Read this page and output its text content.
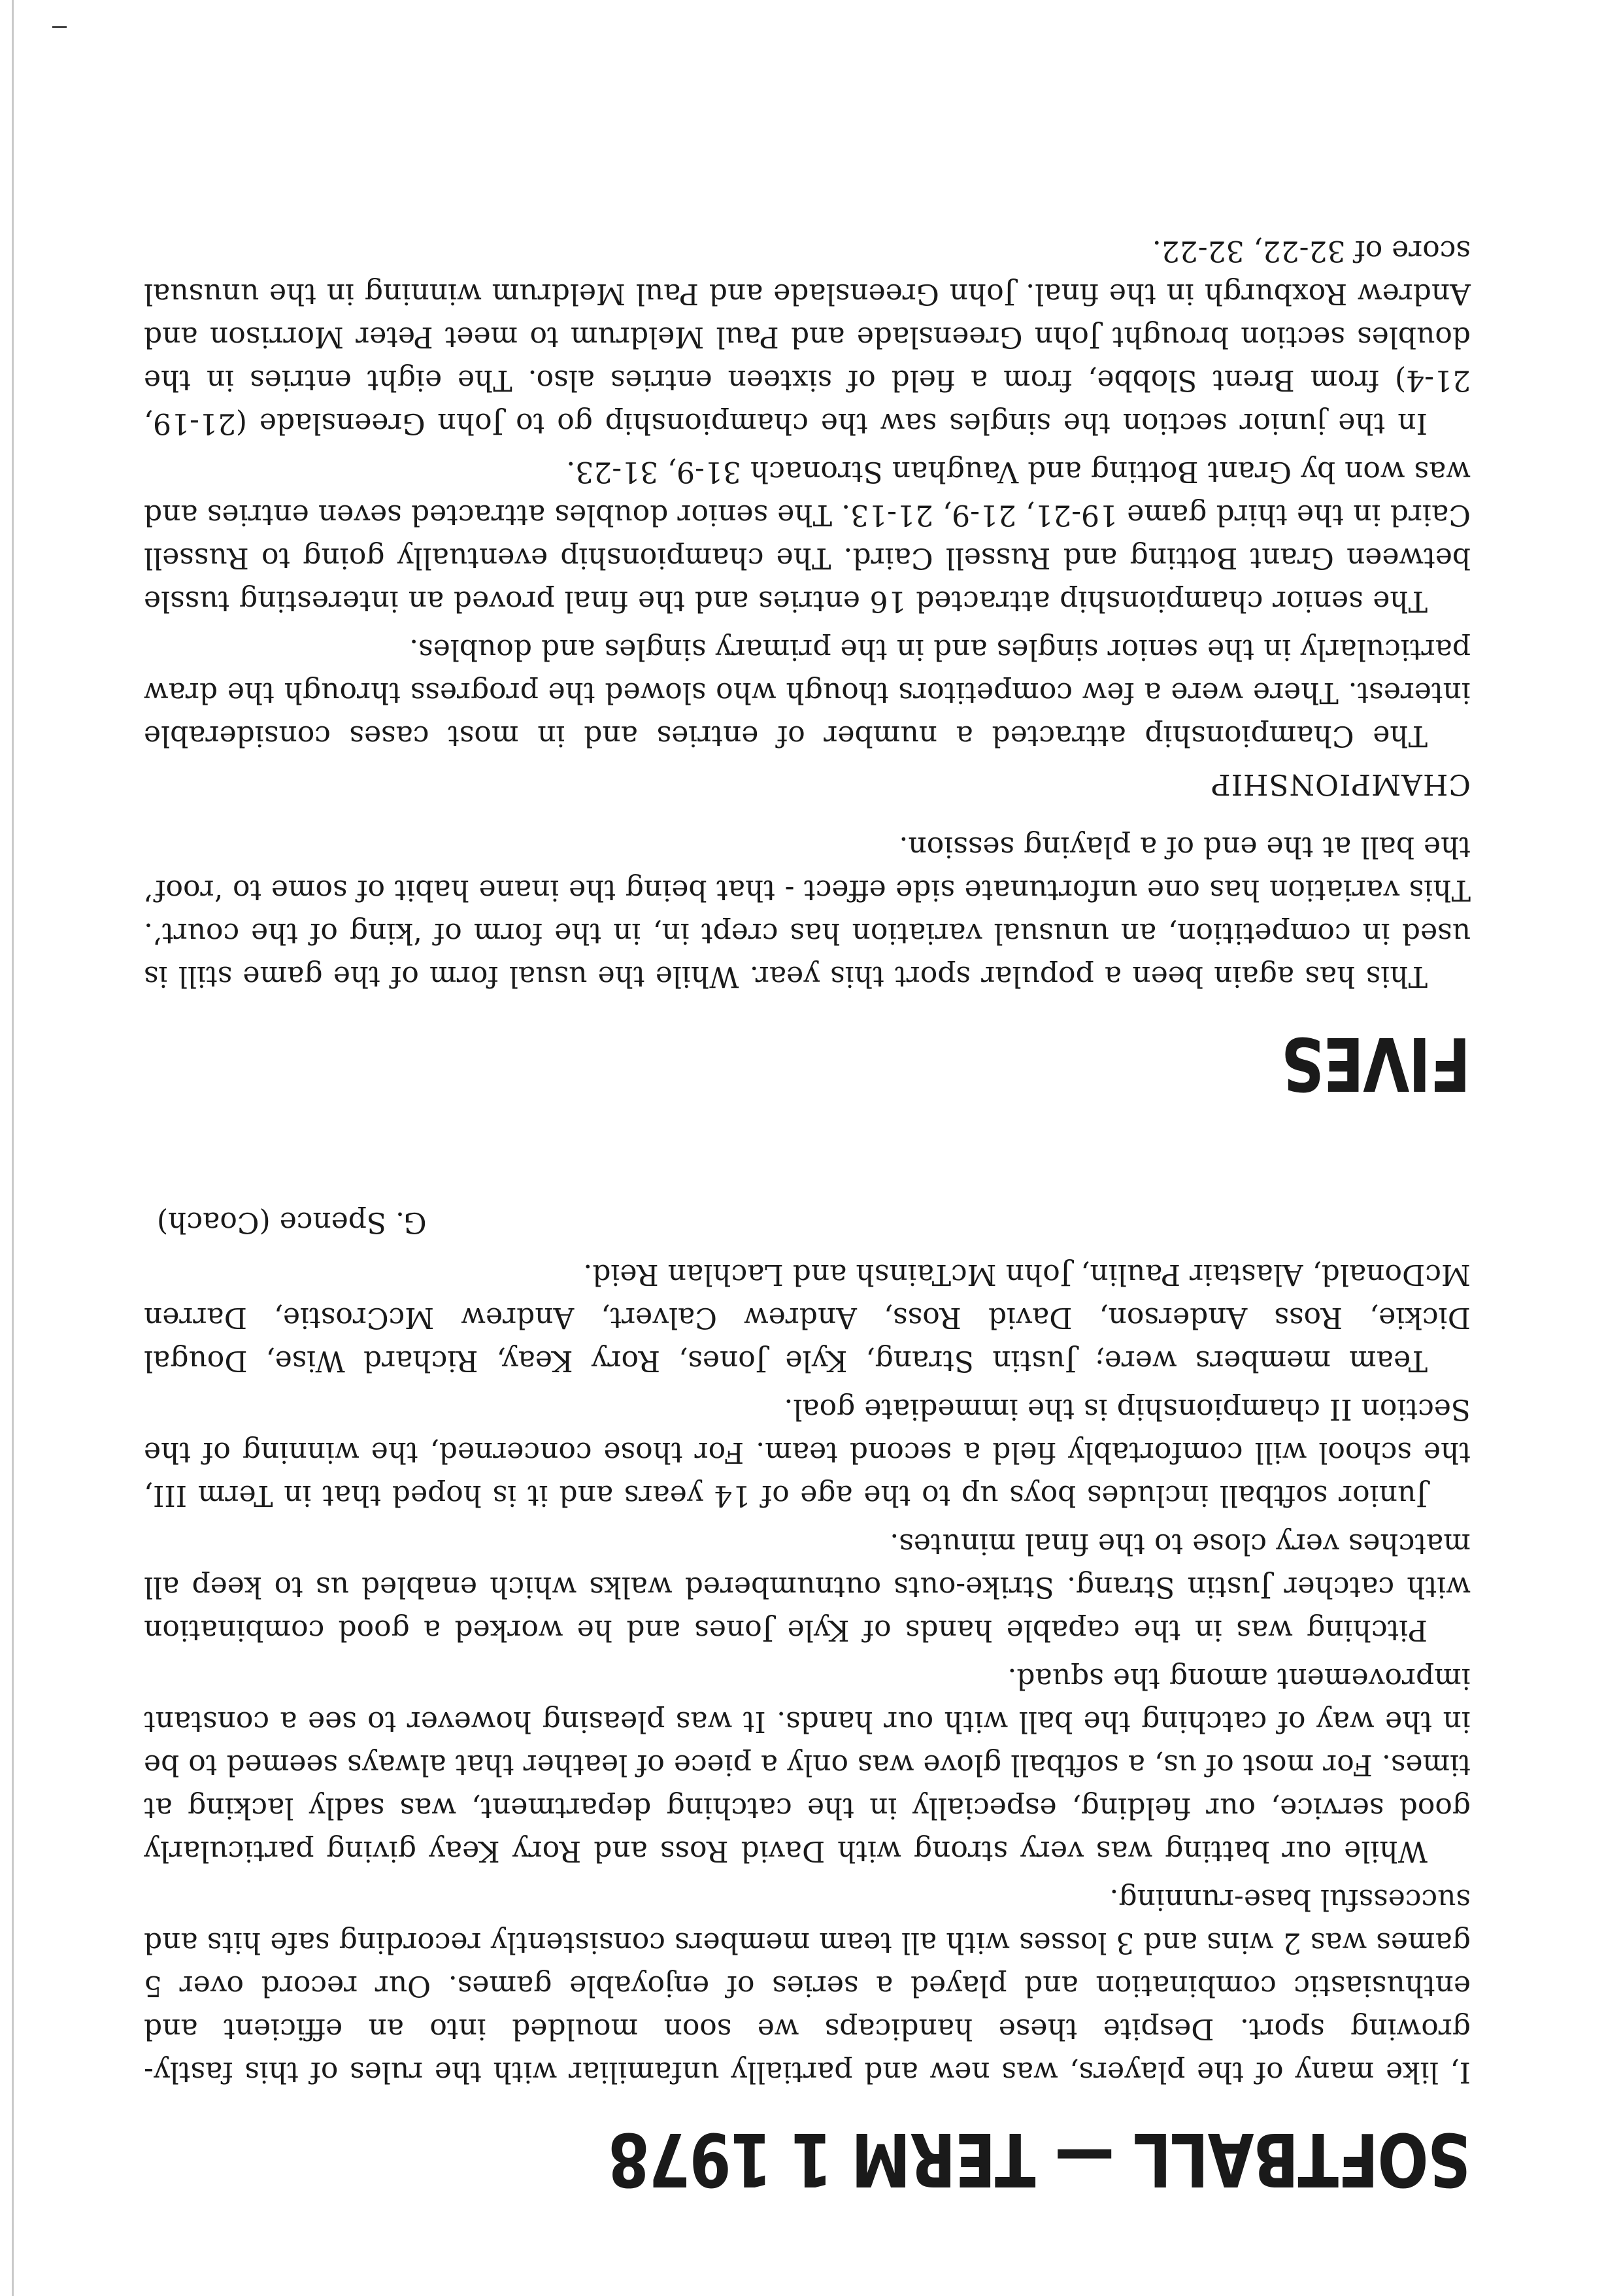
SOFTBALL — TERM 1 1978

I, like many of the players, was new and partially unfamiliar with the rules of this fastly-growing sport. Despite these handicaps we soon moulded into an efficient and enthusiastic combination and played a series of enjoyable games. Our record over 5 games was 2 wins and 3 losses with all team members consistently recording safe hits and successful base-running.

While our batting was very strong with David Ross and Rory Keay giving particularly good service, our fielding, especially in the catching department, was sadly lacking at times. For most of us, a softball glove was only a piece of leather that always seemed to be in the way of catching the ball with our hands. It was pleasing however to see a constant improvement among the squad.

Pitching was in the capable hands of Kyle Jones and he worked a good combination with catcher Justin Strang. Strike-outs outnumbered walks which enabled us to keep all matches very close to the final minutes.

Junior softball includes boys up to the age of 14 years and it is hoped that in Term III, the school will comfortably field a second team. For those concerned, the winning of the Section II championship is the immediate goal.

Team members were; Justin Strang, Kyle Jones, Rory Keay, Richard Wise, Dougal Dickie, Ross Anderson, David Ross, Andrew Calvert, Andrew McCrostie, Darren McDonald, Alastair Paulin, John McTainsh and Lachlan Reid.

G. Spence (Coach)
FIVES

This has again been a popular sport this year. While the usual form of the game still is used in competition, an unusual variation has crept in, in the form of ‘king of the court’. This variation has one unfortunate side effect - that being the inane habit of some to ‘roof’ the ball at the end of a playing session.

CHAMPIONSHIP

The Championship attracted a number of entries and in most cases considerable interest. There were a few competitors though who slowed the progress through the draw particularly in the senior singles and in the primary singles and doubles.

The senior championship attracted 16 entries and the final proved an interesting tussle between Grant Botting and Russell Caird. The championship eventually going to Russell Caird in the third game 19-21, 21-9, 21-13. The senior doubles attracted seven entries and was won by Grant Botting and Vaughan Stronach 31-9, 31-23.

In the junior section the singles saw the championship go to John Greenslade (21-19, 21-4) from Brent Slobbe, from a field of sixteen entries also. The eight entries in the doubles section brought John Greenslade and Paul Meldrum to meet Peter Morrison and Andrew Roxburgh in the final. John Greenslade and Paul Meldrum winning in the unusual score of 32-22, 32-22.
